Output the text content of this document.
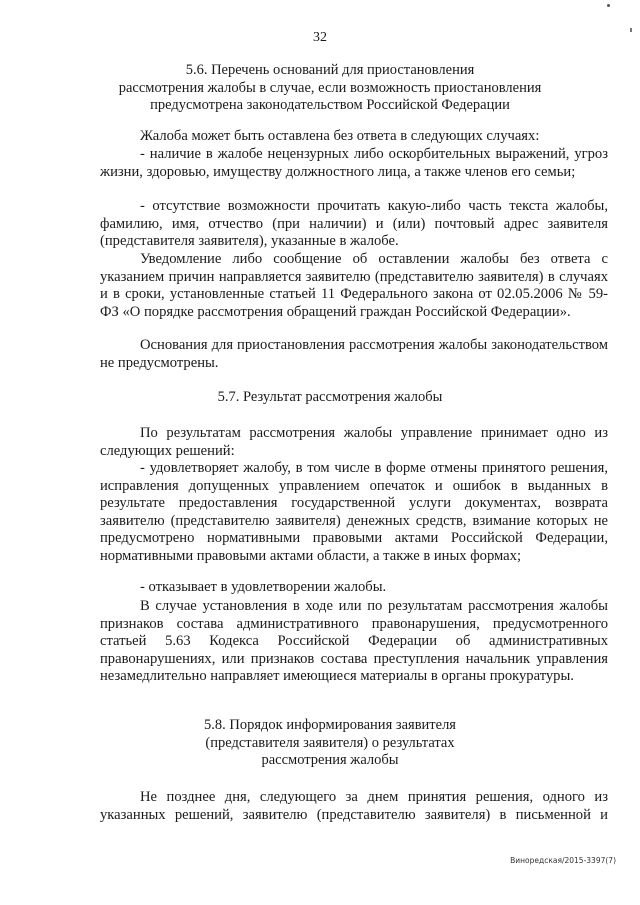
32
5.6. Перечень оснований для приостановления
рассмотрения жалобы в случае, если возможность приостановления
предусмотрена законодательством Российской Федерации

Жалоба может быть оставлена без ответа в следующих случаях:

- наличие в жалобе нецензурных либо оскорбительных выражений, угроз жизни, здоровью, имуществу должностного лица, а также членов его семьи;

- отсутствие возможности прочитать какую-либо часть текста жалобы, фамилию, имя, отчество (при наличии) и (или) почтовый адрес заявителя (представителя заявителя), указанные в жалобе.

Уведомление либо сообщение об оставлении жалобы без ответа с указанием причин направляется заявителю (представителю заявителя) в случаях и в сроки, установленные статьей 11 Федерального закона от 02.05.2006 № 59-ФЗ «О порядке рассмотрения обращений граждан Российской Федерации».

Основания для приостановления рассмотрения жалобы законодательством не предусмотрены.

5.7. Результат рассмотрения жалобы

По результатам рассмотрения жалобы управление принимает одно из следующих решений:

- удовлетворяет жалобу, в том числе в форме отмены принятого решения, исправления допущенных управлением опечаток и ошибок в выданных в результате предоставления государственной услуги документах, возврата заявителю (представителю заявителя) денежных средств, взимание которых не предусмотрено нормативными правовыми актами Российской Федерации, нормативными правовыми актами области, а также в иных формах;

- отказывает в удовлетворении жалобы.

В случае установления в ходе или по результатам рассмотрения жалобы признаков состава административного правонарушения, предусмотренного статьей 5.63 Кодекса Российской Федерации об административных правонарушениях, или признаков состава преступления начальник управления незамедлительно направляет имеющиеся материалы в органы прокуратуры.

5.8. Порядок информирования заявителя
(представителя заявителя) о результатах
рассмотрения жалобы

Не позднее дня, следующего за днем принятия решения, одного из указанных решений, заявителю (представителю заявителя) в письменной и

Виноредская/2015-3397(7)
